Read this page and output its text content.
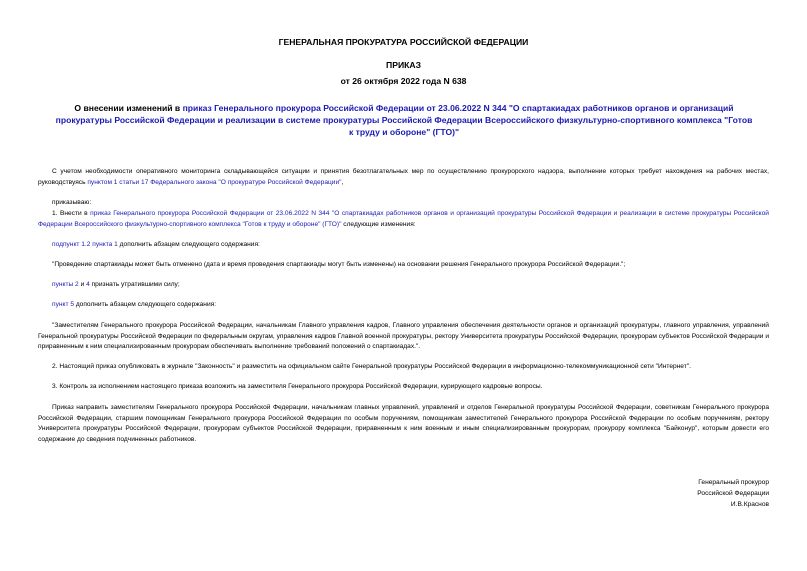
ГЕНЕРАЛЬНАЯ ПРОКУРАТУРА РОССИЙСКОЙ ФЕДЕРАЦИИ
ПРИКАЗ
от 26 октября 2022 года N 638
О внесении изменений в приказ Генерального прокурора Российской Федерации от 23.06.2022 N 344 "О спартакиадах работников органов и организаций прокуратуры Российской Федерации и реализации в системе прокуратуры Российской Федерации Всероссийского физкультурно-спортивного комплекса "Готов к труду и обороне" (ГТО)"
С учетом необходимости оперативного мониторинга складывающейся ситуации и принятия безотлагательных мер по осуществлению прокурорского надзора, выполнение которых требует нахождения на рабочих местах, руководствуясь пунктом 1 статьи 17 Федерального закона "О прокуратуре Российской Федерации",
приказываю:
1. Внести в приказ Генерального прокурора Российской Федерации от 23.06.2022 N 344 "О спартакиадах работников органов и организаций прокуратуры Российской Федерации и реализации в системе прокуратуры Российской Федерации Всероссийского физкультурно-спортивного комплекса "Готов к труду и обороне" (ГТО)" следующие изменения:
подпункт 1.2 пункта 1 дополнить абзацем следующего содержания:
"Проведение спартакиады может быть отменено (дата и время проведения спартакиады могут быть изменены) на основании решения Генерального прокурора Российской Федерации.";
пункты 2 и 4 признать утратившими силу;
пункт 5 дополнить абзацем следующего содержания:
"Заместителям Генерального прокурора Российской Федерации, начальникам Главного управления кадров, Главного управления обеспечения деятельности органов и организаций прокуратуры, главного управления, управлений Генеральной прокуратуры Российской Федерации по федеральным округам, управления кадров Главной военной прокуратуры, ректору Университета прокуратуры Российской Федерации, прокурорам субъектов Российской Федерации и приравненным к ним специализированным прокурорам обеспечивать выполнение требований положений о спартакиадах.".
2. Настоящий приказ опубликовать в журнале "Законность" и разместить на официальном сайте Генеральной прокуратуры Российской Федерации в информационно-телекоммуникационной сети "Интернет".
3. Контроль за исполнением настоящего приказа возложить на заместителя Генерального прокурора Российской Федерации, курирующего кадровые вопросы.
Приказ направить заместителям Генерального прокурора Российской Федерации, начальникам главных управлений, управлений и отделов Генеральной прокуратуры Российской Федерации, советникам Генерального прокурора Российской Федерации, старшим помощникам Генерального прокурора Российской Федерации по особым поручениям, помощникам заместителей Генерального прокурора Российской Федерации по особым поручениям, ректору Университета прокуратуры Российской Федерации, прокурорам субъектов Российской Федерации, приравненным к ним военным и иным специализированным прокурорам, прокурору комплекса "Байконур", которым довести его содержание до сведения подчиненных работников.
Генеральный прокурор
Российской Федерации
И.В.Краснов
